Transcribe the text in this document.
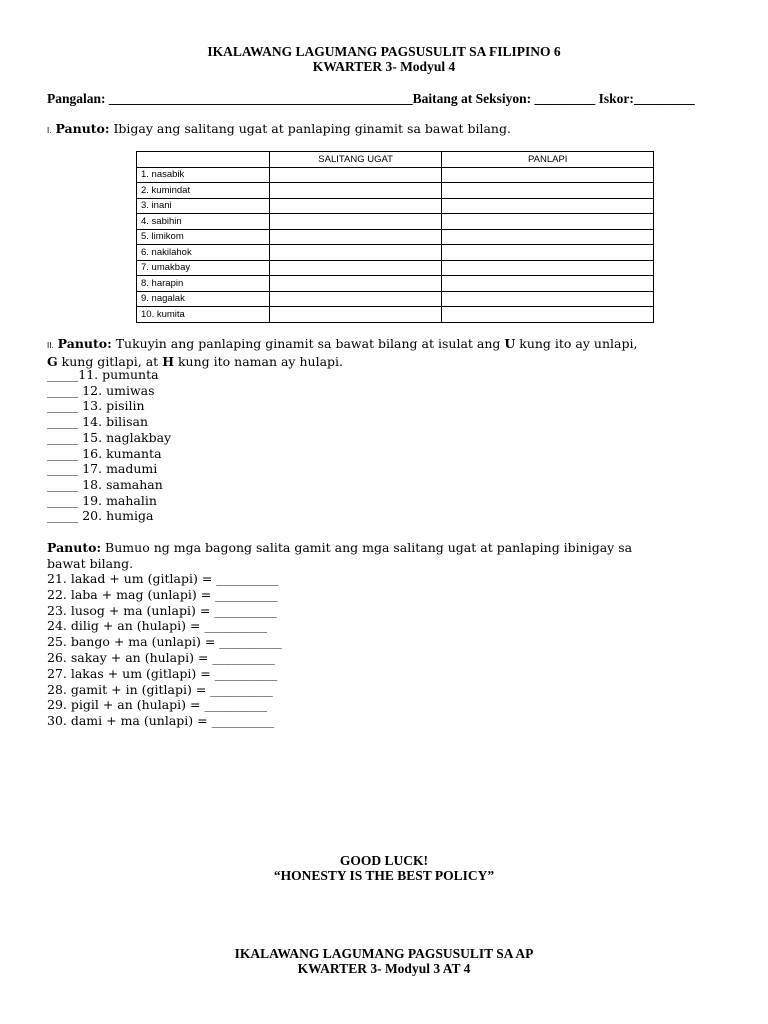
IKALAWANG LAGUMANG PAGSUSULIT SA FILIPINO 6
KWARTER 3- Modyul 4
Pangalan: _____________________________________________Baitang at Seksiyon: _________ Iskor:_________
I. Panuto: Ibigay ang salitang ugat at panlaping ginamit sa bawat bilang.
	SALITANG UGAT	PANLAPI
1. nasabik		
2. kumindat		
3. inani		
4. sabihin		
5. limikom		
6. nakilahok		
7. umakbay		
8. harapin		
9. nagalak		
10. kumita		
II. Panuto: Tukuyin ang panlaping ginamit sa bawat bilang at isulat ang U kung ito ay unlapi, G kung gitlapi, at H kung ito naman ay hulapi.
_____11. pumunta
_____ 12. umiwas
_____ 13. pisilin
_____ 14. bilisan
_____ 15. naglakbay
_____ 16. kumanta
_____ 17. madumi
_____ 18. samahan
_____ 19. mahalin
_____ 20. humiga
Panuto: Bumuo ng mga bagong salita gamit ang mga salitang ugat at panlaping ibinigay sa bawat bilang.
21. lakad + um (gitlapi) = __________
22. laba + mag (unlapi) = __________
23. lusog + ma (unlapi) = __________
24. dilig + an (hulapi) = __________
25. bango + ma (unlapi) = __________
26. sakay + an (hulapi) = __________
27. lakas + um (gitlapi) = __________
28. gamit + in (gitlapi) = __________
29. pigil + an (hulapi) = __________
30. dami + ma (unlapi) = __________
GOOD LUCK!
“HONESTY IS THE BEST POLICY”
IKALAWANG LAGUMANG PAGSUSULIT SA AP
KWARTER 3- Modyul 3 AT 4
